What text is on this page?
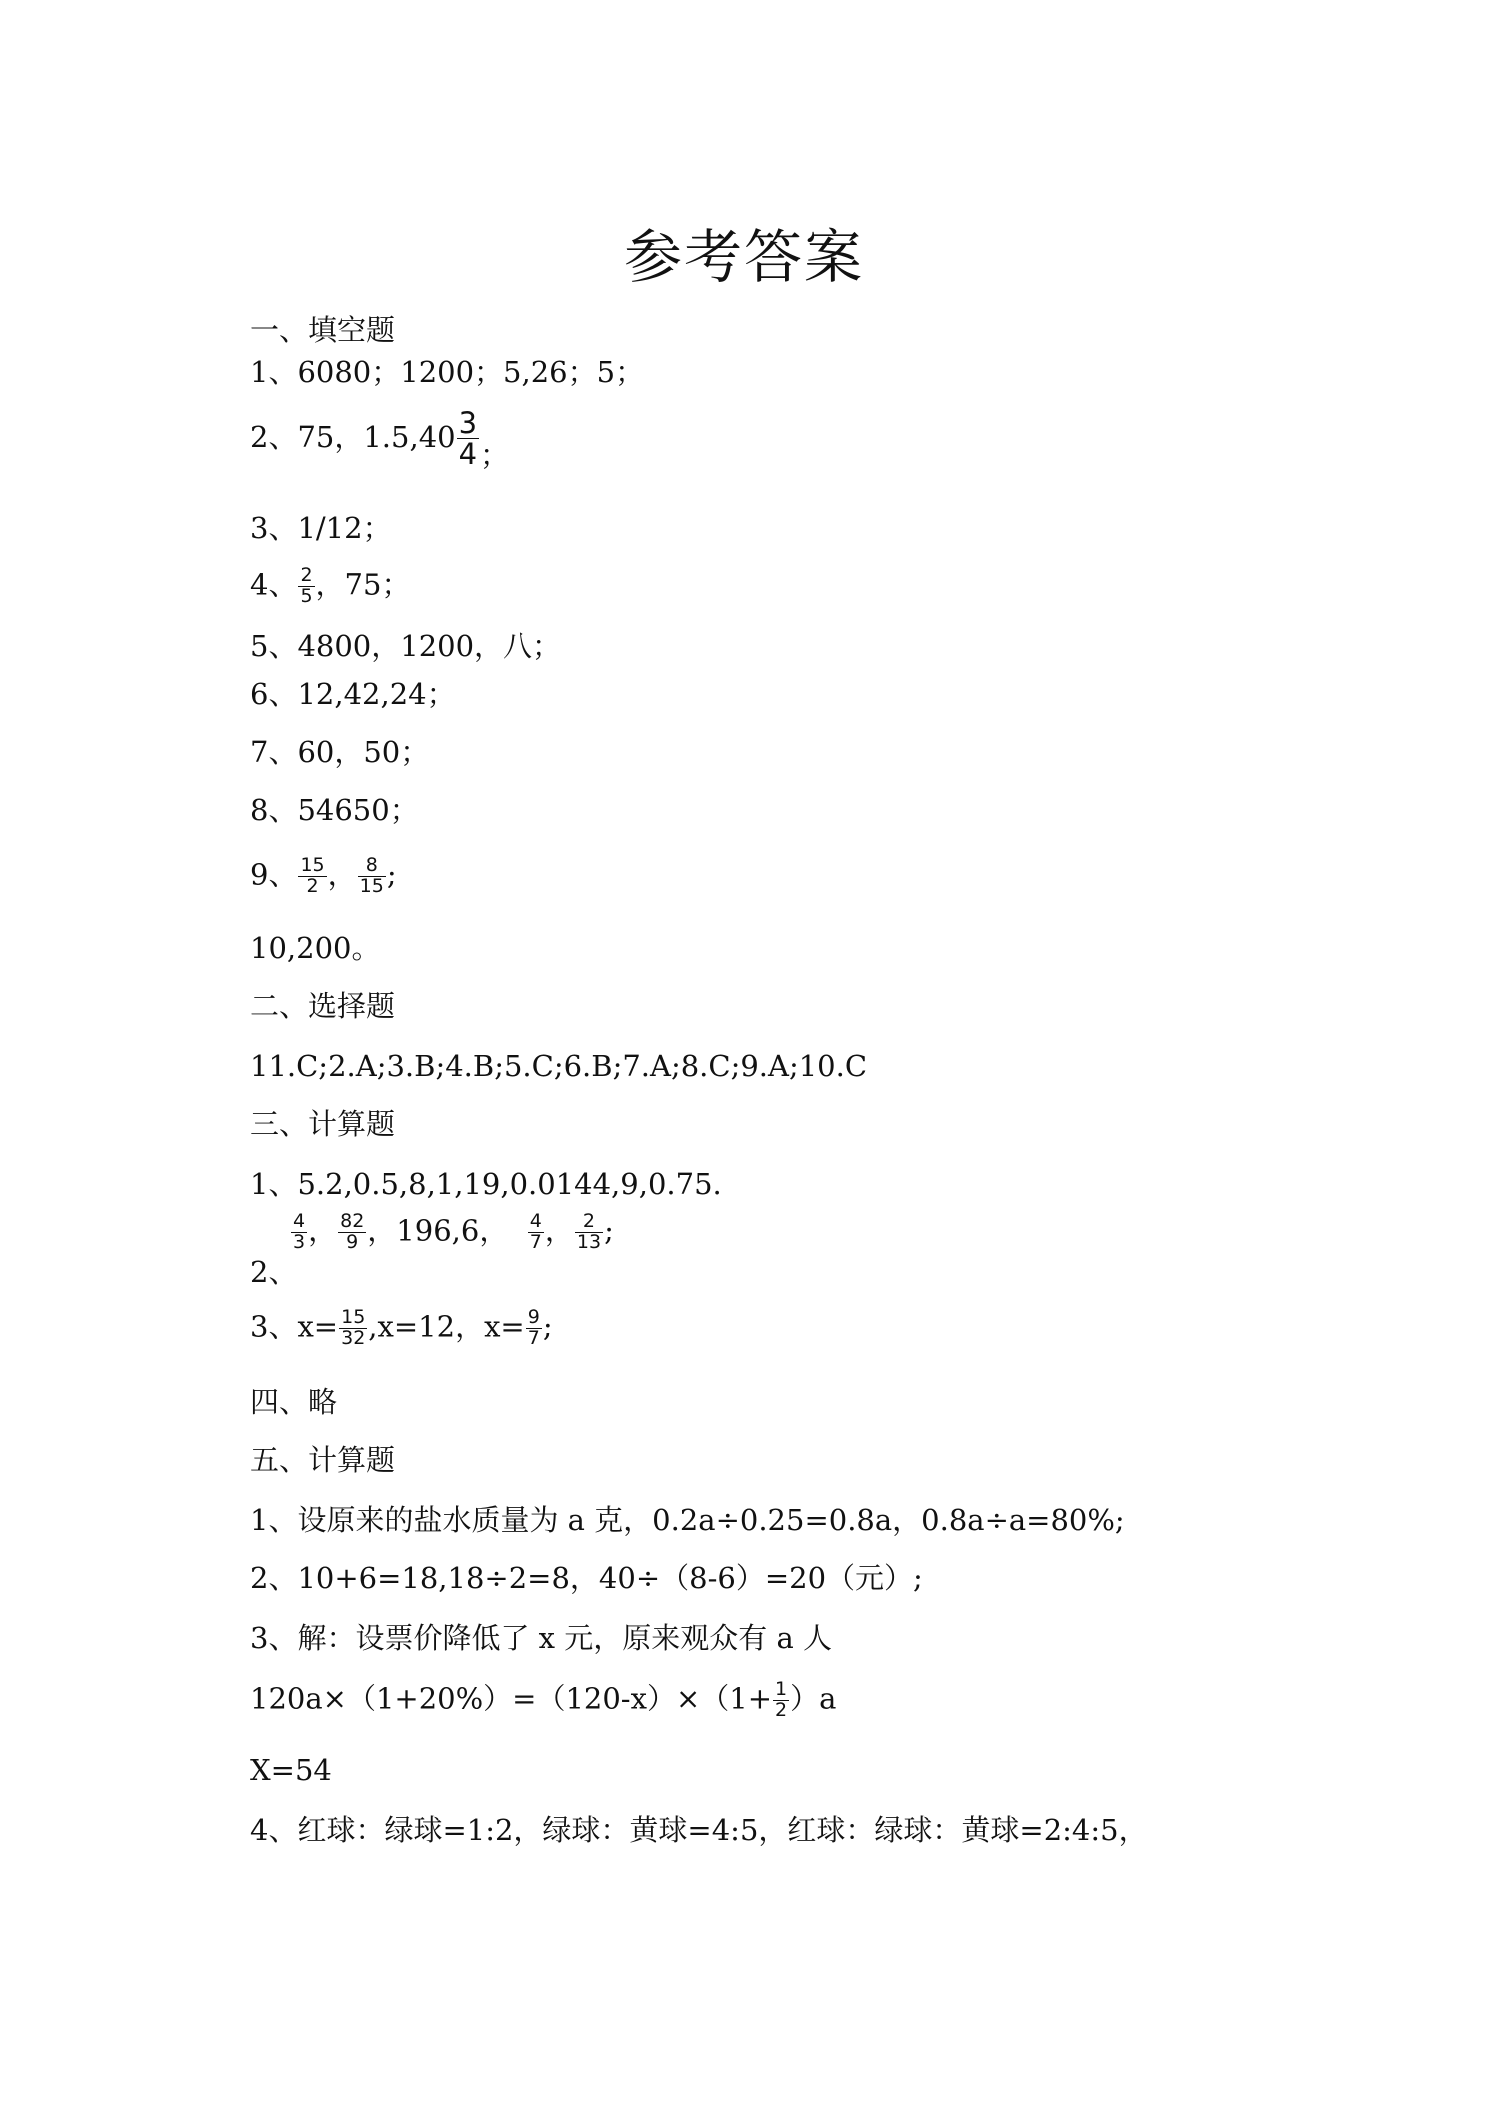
参考答案
一、填空题
1、6080；1200；5,26；5；
2、75，$1.5,40 \frac{3}{4}$ ；
3、1/12；
4、 $\frac{2}{5}$ ，75；
5、4800，1200，八；
6、12,42,24；
7、60，50；
8、54650；
9、 $\frac{15}{2}$ ， $\frac{8}{15}$ ;
10,200。
二、选择题
11.C;2.A;3.B;4.B;5.C;6.B;7.A;8.C;9.A;10.C
三、计算题
1、5.2,0.5,8,1,19,0.0144,9,0.75.
2、
$\frac{4}{3}$ ， $\frac{82}{9}$ ，196,6， $\frac{4}{7}$ ， $\frac{2}{13}$ ;
3、$x= \frac{15}{32} ,x=12$，$x= \frac{9}{7}$ ;
四、略
五、计算题
1、设原来的盐水质量为 a 克，0.2a÷0.25=0.8a，0.8a÷a=80%;
2、10+6=18,18÷2=8，40÷（8-6）=20（元）;
3、解：设票价降低了 x 元，原来观众有 a 人
$120a\times(1+20\%)=(120-x)\times(1+ \frac{1}{2} )a$
X=54
4、红球：绿球=1:2，绿球：黄球=4:5，红球：绿球：黄球=2:4:5，
